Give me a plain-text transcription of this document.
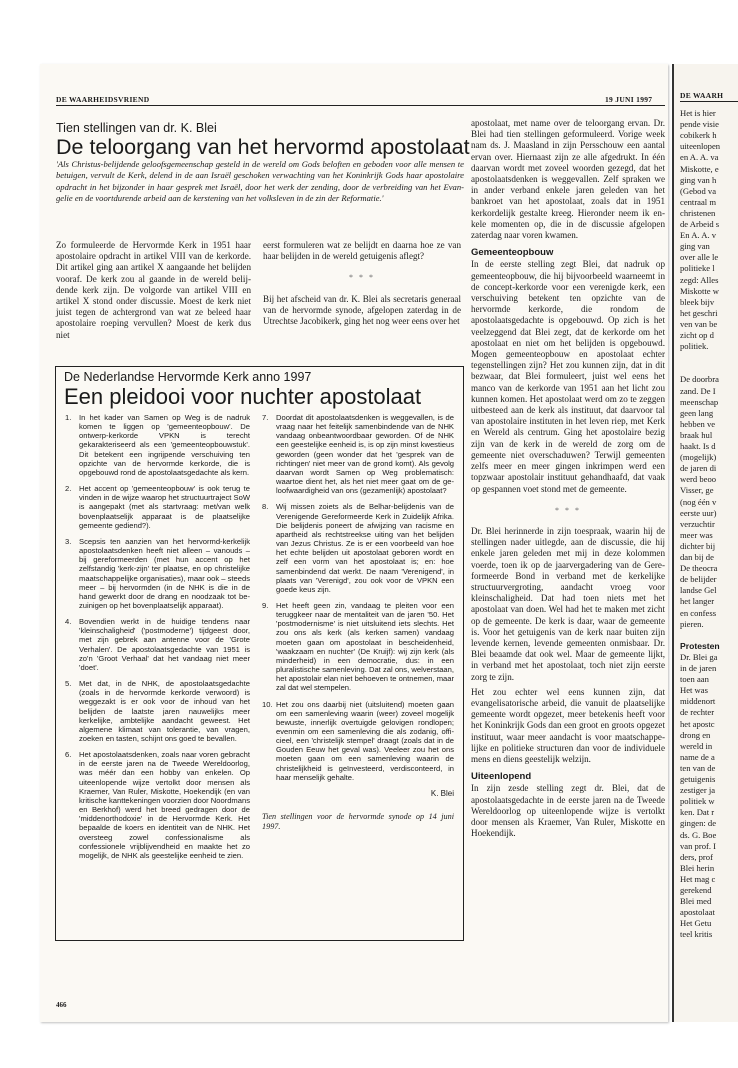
DE WAARH
Het is hier
pende visie
cobikerk h
uiteenlopen
en A. A. va
Miskotte, e
ging van h
(Gebod va
centraal m
christenen
de Arbeid s
En A. A. v
ging van
over alle le
politieke l
zegd: Alles
Miskotte w
bleek bijv
het geschri
ven van be
zicht op d
politiek.
De doorbra
zand. De I
meenschap
geen lang
hebben ve
braak hul
haakt. Is d
(mogelijk)
de jaren di
werd beoo
Visser, ge
(nog één v
eerste uur)
verzuchtir
meer was
dichter bij
dan bij de
De theocra
de belijder
landse Gel
het langer
en confess
pieren.
Protesten
Dr. Blei ga
in de jaren
toen aan
Het was
middenort
de rechter
het apostc
drong en
wereld in
name de a
ten van de
getuigenis
zestiger ja
politiek w
ken. Dat r
gingen: de
ds. G. Boe
van prof. I
ders, prof
Blei herin
Het mag c
gerekend
Blei med
apostolaat
Het Getu
teel kritis
DE WAARHEIDSVRIEND	19 JUNI 1997
Tien stellingen van dr. K. Blei
De teloorgang van het hervormd apostolaat
'Als Christus-belijdende geloofsgemeenschap gesteld in de wereld om Gods beloften en geboden voor alle mensen te betuigen, vervult de Kerk, delend in de aan Israël geschoken verwachting van het Koninkrijk Gods haar apostolaire opdracht in het bijzonder in haar gesprek met Israël, door het werk der zending, door de verbreiding van het Evangelie en de voortdurende arbeid aan de kerstening van het volksleven in de zin der Reformatie.'

Zo formuleerde de Hervormde Kerk in 1951 haar apostolaire opdracht in artikel VIII van de kerkorde. Dit artikel ging aan artikel X aangaande het belijden vooraf. De kerk zou al gaande in de wereld belijdende kerk zijn. De volgorde van artikel VIII en artikel X stond onder discussie. Moest de kerk niet juist tegen de achtergrond van wat ze beleed haar apostolaire roeping vervullen? Moest de kerk dus niet

eerst formuleren wat ze belijdt en daarna hoe ze van haar belijden in de wereld getuigenis aflegt?

* * *

Bij het afscheid van dr. K. Blei als secretaris generaal van de hervormde synode, afgelopen zaterdag in de Utrechtse Jacobikerk, ging het nog weer eens over het

apostolaat, met name over de teloorgang ervan. Dr. Blei had tien stellingen geformuleerd. Vorige week nam ds. J. Maasland in zijn Persschouw een aantal ervan over. Hiernaast zijn ze alle afgedrukt. In één daarvan wordt met zoveel woorden gezegd, dat het apostolaatsdenken is weggevallen. Zelf spraken we in ander verband enkele jaren geleden van het bankroet van het apostolaat, zoals dat in 1951 kerkordelijk gestalte kreeg. Hieronder neem ik enkele momenten op, die in de discussie afgelopen zaterdag naar voren kwamen.

Gemeenteopbouw

In de eerste stelling zegt Blei, dat nadruk op gemeenteopbouw, die hij bijvoorbeeld waarneemt in de concept-kerkorde voor een verenigde kerk, een verschuiving betekent ten opzichte van de hervormde kerkorde, die rondom de apostolaatsgedachte is opgebouwd. Op zich is het veelzeggend dat Blei zegt, dat de kerkorde om het apostolaat en niet om het belijden is opgebouwd. Mogen gemeenteopbouw en apostolaat echter tegenstellingen zijn? Het zou kunnen zijn, dat in dit bezwaar, dat Blei formuleert, juist wel eens het manco van de kerkorde van 1951 aan het licht zou kunnen komen. Het apostolaat werd om zo te zeggen uitbesteed aan de kerk als instituut, dat daarvoor tal van apostolaire instituten in het leven riep, met Kerk en Wereld als centrum. Ging het apostolaire bezig zijn van de kerk in de wereld de zorg om de gemeente niet overschaduwen? Terwijl gemeenten zelfs meer en meer gingen inkrimpen werd een topzwaar apostolair instituut gehandhaafd, dat vaak op gespannen voet stond met de gemeente.

* * *

Dr. Blei herinnerde in zijn toespraak, waarin hij de stellingen nader uitlegde, aan de discussie, die hij enkele jaren geleden met mij in deze kolommen voerde, toen ik op de jaarvergadering van de Gereformeerde Bond in verband met de kerkelijke structuurvergroting, aandacht vroeg voor kleinschaligheid. Dat had toen niets met het apostolaat van doen. Wel had het te maken met zicht op de gemeente. De kerk is daar, waar de gemeente is. Voor het getuigenis van de kerk naar buiten zijn levende kernen, levende gemeenten onmisbaar. Dr. Blei beaamde dat ook wel. Maar de gemeente lijkt, in verband met het apostolaat, toch niet zijn eerste zorg te zijn.

Het zou echter wel eens kunnen zijn, dat evangelisatorische arbeid, die vanuit de plaatselijke gemeente wordt opgezet, meer betekenis heeft voor het Koninkrijk Gods dan een groot en groots opgezet instituut, waar meer aandacht is voor maatschappelijke en politieke structuren dan voor de individuele mens en diens geestelijk welzijn.

Uiteenlopend

In zijn zesde stelling zegt dr. Blei, dat de apostolaatsgedachte in de eerste jaren na de Tweede Wereldoorlog op uiteenlopende wijze is vertolkt door mensen als Kraemer, Van Ruler, Miskotte en Hoekendijk.

De Nederlandse Hervormde Kerk anno 1997
Een pleidooi voor nuchter apostolaat
1. In het kader van Samen op Weg is de nadruk komen te liggen op 'gemeenteopbouw'. De ontwerp-kerkorde VPKN is terecht gekarakteriseerd als een 'gemeenteopbouwstuk'. Dit betekent een ingrijpende verschuiving ten opzichte van de hervormde kerkorde, die is opgebouwd rond de apostolaatsgedachte als kern.
2. Het accent op 'gemeenteopbouw' is ook terug te vinden in de wijze waarop het structuurtraject SoW is aangepakt (met als startvraag: met/van welk bovenplaatselijk apparaat is de plaatselijke gemeente gediend?).
3. Scepsis ten aanzien van het hervormd-kerkelijk apostolaatsdenken heeft niet alleen – vanouds – bij gereformeerden (met hun accent op het zelfstandig 'kerk-zijn' ter plaatse, en op christelijke maatschappelijke organisaties), maar ook – steeds meer – bij hervormden (in de NHK is die in de hand gewerkt door de drang en noodzaak tot bezuinigen op het bovenplaatselijk apparaat).
4. Bovendien werkt in de huidige tendens naar 'kleinschaligheid' ('postmoderne') tijdgeest door, met zijn gebrek aan antenne voor de 'Grote Verhalen'. De apostolaatsgedachte van 1951 is zo'n 'Groot Verhaal' dat het vandaag niet meer 'doet'.
5. Met dat, in de NHK, de apostolaatsgedachte (zoals in de hervormde kerkorde verwoord) is weggezakt is er ook voor de inhoud van het belijden de laatste jaren nauwelijks meer kerkelijke, ambtelijke aandacht geweest. Het algemene klimaat van tolerantie, van vragen, zoeken en tasten, schijnt ons goed te bevallen.
6. Het apostolaatsdenken, zoals naar voren gebracht in de eerste jaren na de Tweede Wereldoorlog, was méér dan een hobby van enkelen. Op uiteenlopende wijze vertolkt door mensen als Kraemer, Van Ruler, Miskotte, Hoekendijk (en van kritische kanttekeningen voorzien door Noordmans en Berkhof) werd het breed gedragen door de 'middenorthodoxie' in de Hervormde Kerk. Het bepaalde de koers en identiteit van de NHK. Het oversteeg zowel confessionalisme als confessionele vrijblijvendheid en maakte het zo mogelijk, de NHK als geestelijke eenheid te zien.
7. Doordat dit apostolaatsdenken is weggevallen, is de vraag naar het feitelijk samenbindende van de NHK vandaag onbeantwoordbaar geworden. Of de NHK een geestelijke eenheid is, is op zijn minst kwestieus geworden (geen wonder dat het 'gesprek van de richtingen' niet meer van de grond komt). Als gevolg daarvan wordt Samen op Weg problematisch: waartoe dient het, als het niet meer gaat om de geloofwaardigheid van ons (gezamenlijk) apostolaat?
8. Wij missen zoiets als de Belhar-belijdenis van de Verenigende Gereformeerde Kerk in Zuidelijk Afrika. Die belijdenis poneert de afwijzing van racisme en apartheid als rechtstreekse uiting van het belijden van Jezus Christus. Ze is er een voorbeeld van hoe het echte belijden uit apostolaat geboren wordt en zelf een vorm van het apostolaat is; en: hoe samenbindend dat werkt. De naam 'Verenigend', in plaats van 'Verenigd', zou ook voor de VPKN een goede keus zijn.
9. Het heeft geen zin, vandaag te pleiten voor een teruggkeer naar de mentaliteit van de jaren '50. Het 'postmodernisme' is niet uitsluitend iets slechts. Het zou ons als kerk (als kerken samen) vandaag moeten gaan om apostolaat in bescheidenheid, 'waakzaam en nuchter' (De Kruijf): wij zijn kerk (als minderheid) in een democratie, dus: in een pluralistische samenleving. Dat zal ons, welverstaan, het apostolair elan niet behoeven te ontnemen, maar zal dat wel stempelen.
10. Het zou ons daarbij niet (uitsluitend) moeten gaan om een samenleving waarin (weer) zoveel mogelijk bewuste, innerlijk overtuigde gelovigen rondlopen; evenmin om een samenleving die als zodanig, officieel, een 'christelijk stempel' draagt (zoals dat in de Gouden Eeuw het geval was). Veeleer zou het ons moeten gaan om een samenleving waarin de christelijkheid is geïnvesteerd, verdisconteerd, in haar menselijk gehalte.
K. Blei
Tien stellingen voor de hervormde synode op 14 juni 1997.
466
